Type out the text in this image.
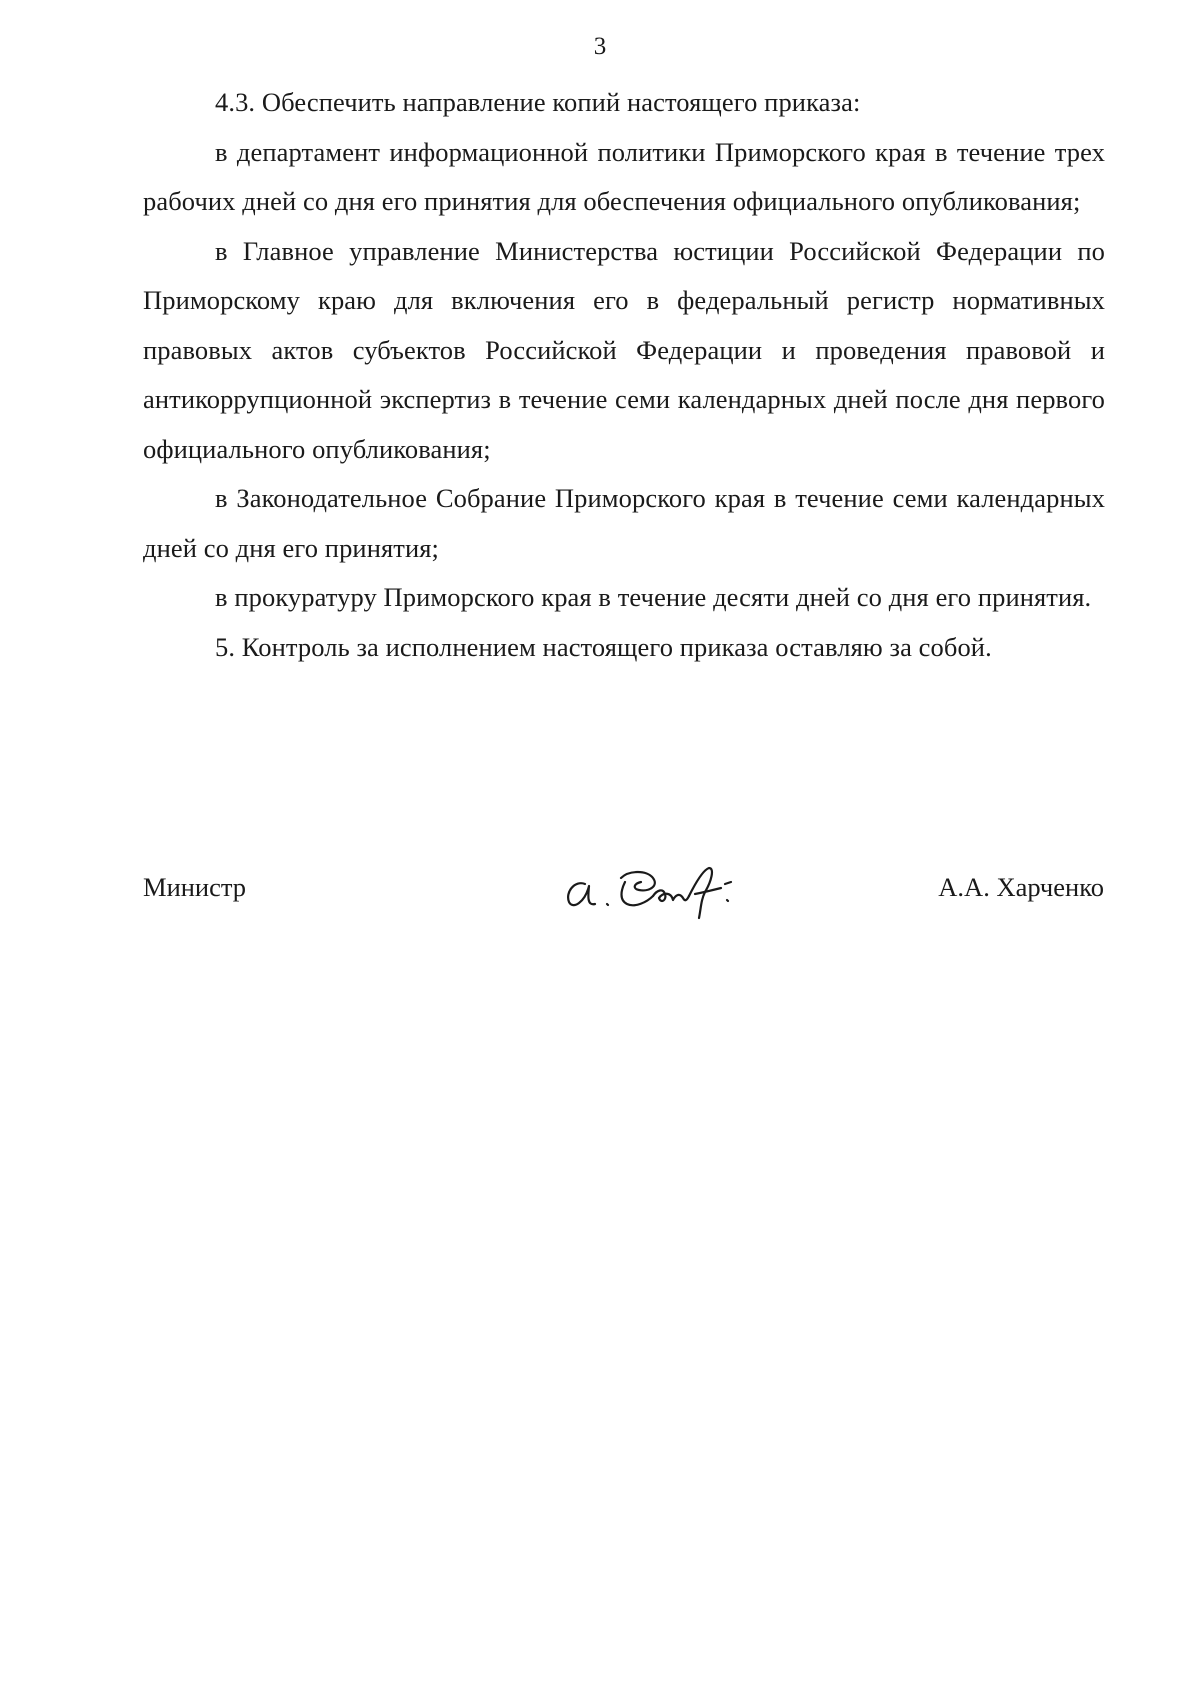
3

4.3. Обеспечить направление копий настоящего приказа:

в департамент информационной политики Приморского края в течение трех рабочих дней со дня его принятия для обеспечения официального опубликования;

в Главное управление Министерства юстиции Российской Федерации по Приморскому краю для включения его в федеральный регистр нормативных правовых актов субъектов Российской Федерации и проведения правовой и антикоррупционной экспертиз в течение семи календарных дней после дня первого официального опубликования;

в Законодательное Собрание Приморского края в течение семи календарных дней со дня его принятия;

в прокуратуру Приморского края в течение десяти дней со дня его принятия.

5. Контроль за исполнением настоящего приказа оставляю за собой.

Министр	А.А. Харченко
